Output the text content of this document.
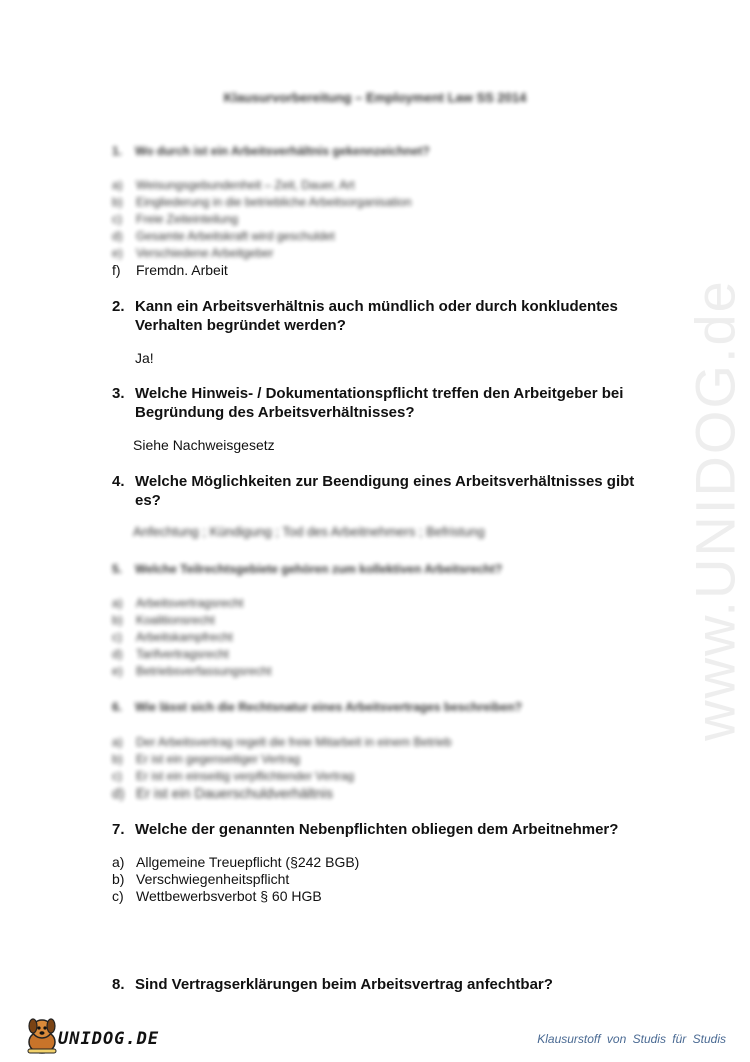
www.UNIDOG.de
Klausurvorbereitung – Employment Law SS 2014
1. Wo durch ist ein Arbeitsverhältnis gekennzeichnet?
a) Weisungsgebundenheit – Zeit, Dauer, Art
b) Eingliederung in die betriebliche Arbeitsorganisation
c) Freie Zeiteinteilung
d) Gesamte Arbeitskraft wird geschuldet
e) Verschiedene Arbeitgeber
f) Fremdn. Arbeit
2. Kann ein Arbeitsverhältnis auch mündlich oder durch konkludentes Verhalten begründet werden?
Ja!
3. Welche Hinweis- / Dokumentationspflicht treffen den Arbeitgeber bei Begründung des Arbeitsverhältnisses?
Siehe Nachweisgesetz
4. Welche Möglichkeiten zur Beendigung eines Arbeitsverhältnisses gibt es?
Anfechtung ; Kündigung ; Tod des Arbeitnehmers ; Befristung
5. Welche Teilrechtsgebiete gehören zum kollektiven Arbeitsrecht?
a) Arbeitsvertragsrecht
b) Koalitionsrecht
c) Arbeitskampfrecht
d) Tarifvertragsrecht
e) Betriebsverfassungsrecht
6. Wie lässt sich die Rechtsnatur eines Arbeitsvertrages beschreiben?
a) Der Arbeitsvertrag regelt die freie Mitarbeit in einem Betrieb
b) Er ist ein gegenseitiger Vertrag
c) Er ist ein einseitig verpflichtender Vertrag
d) Er ist ein Dauerschuldverhältnis
7. Welche der genannten Nebenpflichten obliegen dem Arbeitnehmer?
a) Allgemeine Treuepflicht (§242 BGB)
b) Verschwiegenheitspflicht
c) Wettbewerbsverbot § 60 HGB
8. Sind Vertragserklärungen beim Arbeitsvertrag anfechtbar?
UNIDOG.DE	Klausurstoff von Studis für Studis
